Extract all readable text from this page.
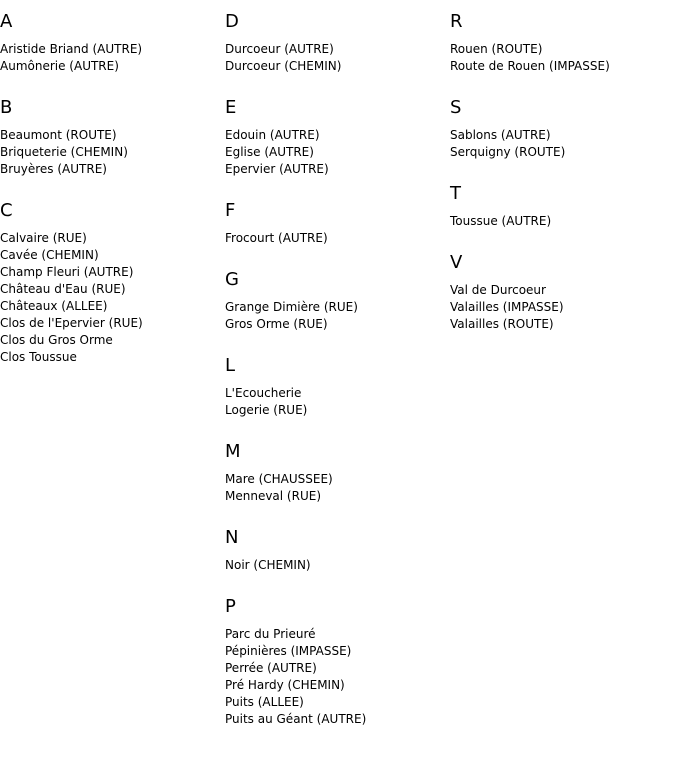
A
Aristide Briand (AUTRE)
Aumônerie (AUTRE)
B
Beaumont (ROUTE)
Briqueterie (CHEMIN)
Bruyères (AUTRE)
C
Calvaire (RUE)
Cavée (CHEMIN)
Champ Fleuri (AUTRE)
Château d'Eau (RUE)
Châteaux (ALLEE)
Clos de l'Epervier (RUE)
Clos du Gros Orme
Clos Toussue
D
Durcoeur (AUTRE)
Durcoeur (CHEMIN)
E
Edouin (AUTRE)
Eglise (AUTRE)
Epervier (AUTRE)
F
Frocourt (AUTRE)
G
Grange Dimière (RUE)
Gros Orme (RUE)
L
L'Ecoucherie
Logerie (RUE)
M
Mare (CHAUSSEE)
Menneval (RUE)
N
Noir (CHEMIN)
P
Parc du Prieuré
Pépinières (IMPASSE)
Perrée (AUTRE)
Pré Hardy (CHEMIN)
Puits (ALLEE)
Puits au Géant (AUTRE)
R
Rouen (ROUTE)
Route de Rouen (IMPASSE)
S
Sablons (AUTRE)
Serquigny (ROUTE)
T
Toussue (AUTRE)
V
Val de Durcoeur
Valailles (IMPASSE)
Valailles (ROUTE)
